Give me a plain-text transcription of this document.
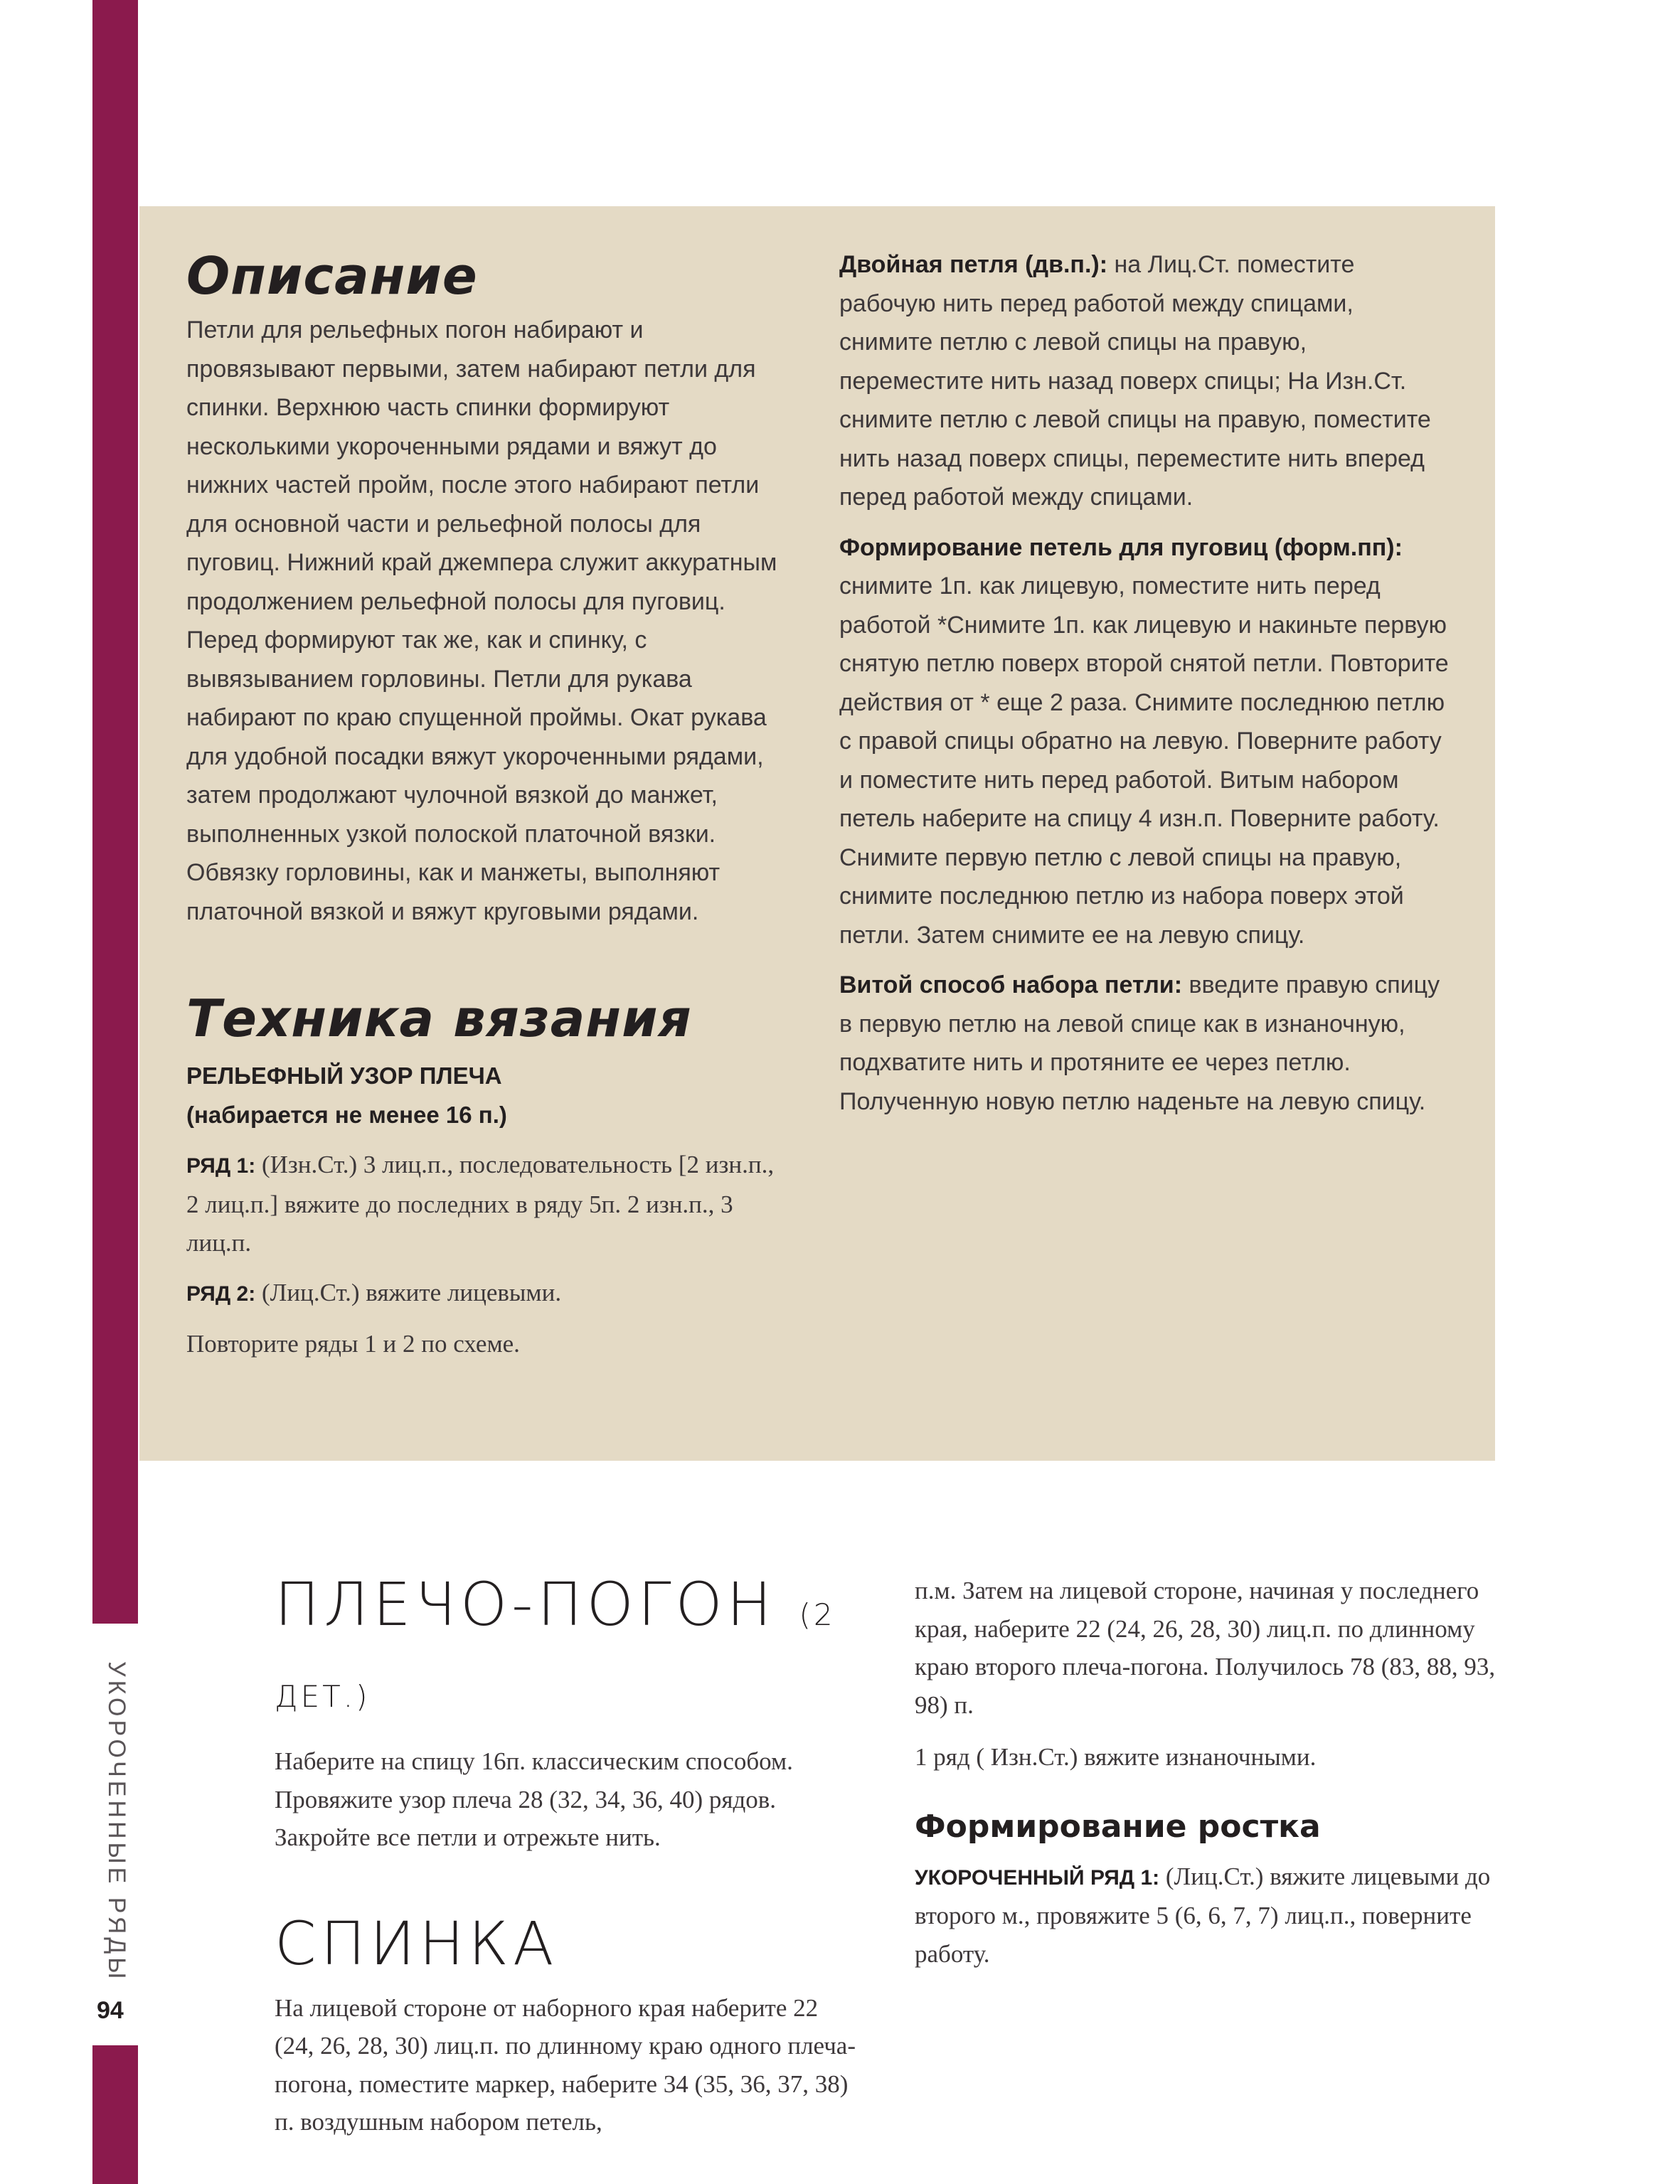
УКОРОЧЕННЫЕ РЯДЫ
94
Описание

Петли для рельефных погон набирают и провязывают первыми, затем набирают петли для спинки. Верхнюю часть спинки формируют несколькими укороченными рядами и вяжут до нижних частей пройм, после этого набирают петли для основной части и рельефной полосы для пуговиц. Нижний край джемпера служит аккуратным продолжением рельефной полосы для пуговиц. Перед формируют так же, как и спинку, с вывязыванием горловины. Петли для рукава набирают по краю спущенной проймы. Окат рукава для удобной посадки вяжут укороченными рядами, затем продолжают чулочной вязкой до манжет, выполненных узкой полоской платочной вязки. Обвязку горловины, как и манжеты, выполняют платочной вязкой и вяжут круговыми рядами.

Техника вязания

РЕЛЬЕФНЫЙ УЗОР ПЛЕЧА (набирается не менее 16 п.)

РЯД 1: (Изн.Ст.) 3 лиц.п., последовательность [2 изн.п., 2 лиц.п.] вяжите до последних в ряду 5п. 2 изн.п., 3 лиц.п.

РЯД 2: (Лиц.Ст.) вяжите лицевыми.

Повторите ряды 1 и 2 по схеме.

Двойная петля (дв.п.): на Лиц.Ст. поместите рабочую нить перед работой между спицами, снимите петлю с левой спицы на правую, переместите нить назад поверх спицы; На Изн.Ст. снимите петлю с левой спицы на правую, поместите нить назад поверх спицы, переместите нить вперед перед работой между спицами.

Формирование петель для пуговиц (форм.пп): снимите 1п. как лицевую, поместите нить перед работой *Снимите 1п. как лицевую и накиньте первую снятую петлю поверх второй снятой петли. Повторите действия от * еще 2 раза. Снимите последнюю петлю с правой спицы обратно на левую. Поверните работу и поместите нить перед работой. Витым набором петель наберите на спицу 4 изн.п. Поверните работу. Снимите первую петлю с левой спицы на правую, снимите последнюю петлю из набора поверх этой петли. Затем снимите ее на левую спицу.

Витой способ набора петли: введите правую спицу в первую петлю на левой спице как в изнаночную, подхватите нить и протяните ее через петлю. Полученную новую петлю наденьте на левую спицу.

ПЛЕЧО-ПОГОН (2 ДЕТ.)

Наберите на спицу 16п. классическим способом. Провяжите узор плеча 28 (32, 34, 36, 40) рядов. Закройте все петли и отрежьте нить.

СПИНКА

На лицевой стороне от наборного края наберите 22 (24, 26, 28, 30) лиц.п. по длинному краю одного плеча-погона, поместите маркер, наберите 34 (35, 36, 37, 38) п. воздушным набором петель,

п.м. Затем на лицевой стороне, начиная у последнего края, наберите 22 (24, 26, 28, 30) лиц.п. по длинному краю второго плеча-погона. Получилось 78 (83, 88, 93, 98) п.

1 ряд ( Изн.Ст.) вяжите изнаночными.

Формирование ростка

УКОРОЧЕННЫЙ РЯД 1: (Лиц.Ст.) вяжите лицевыми до второго м., провяжите 5 (6, 6, 7, 7) лиц.п., поверните работу.
